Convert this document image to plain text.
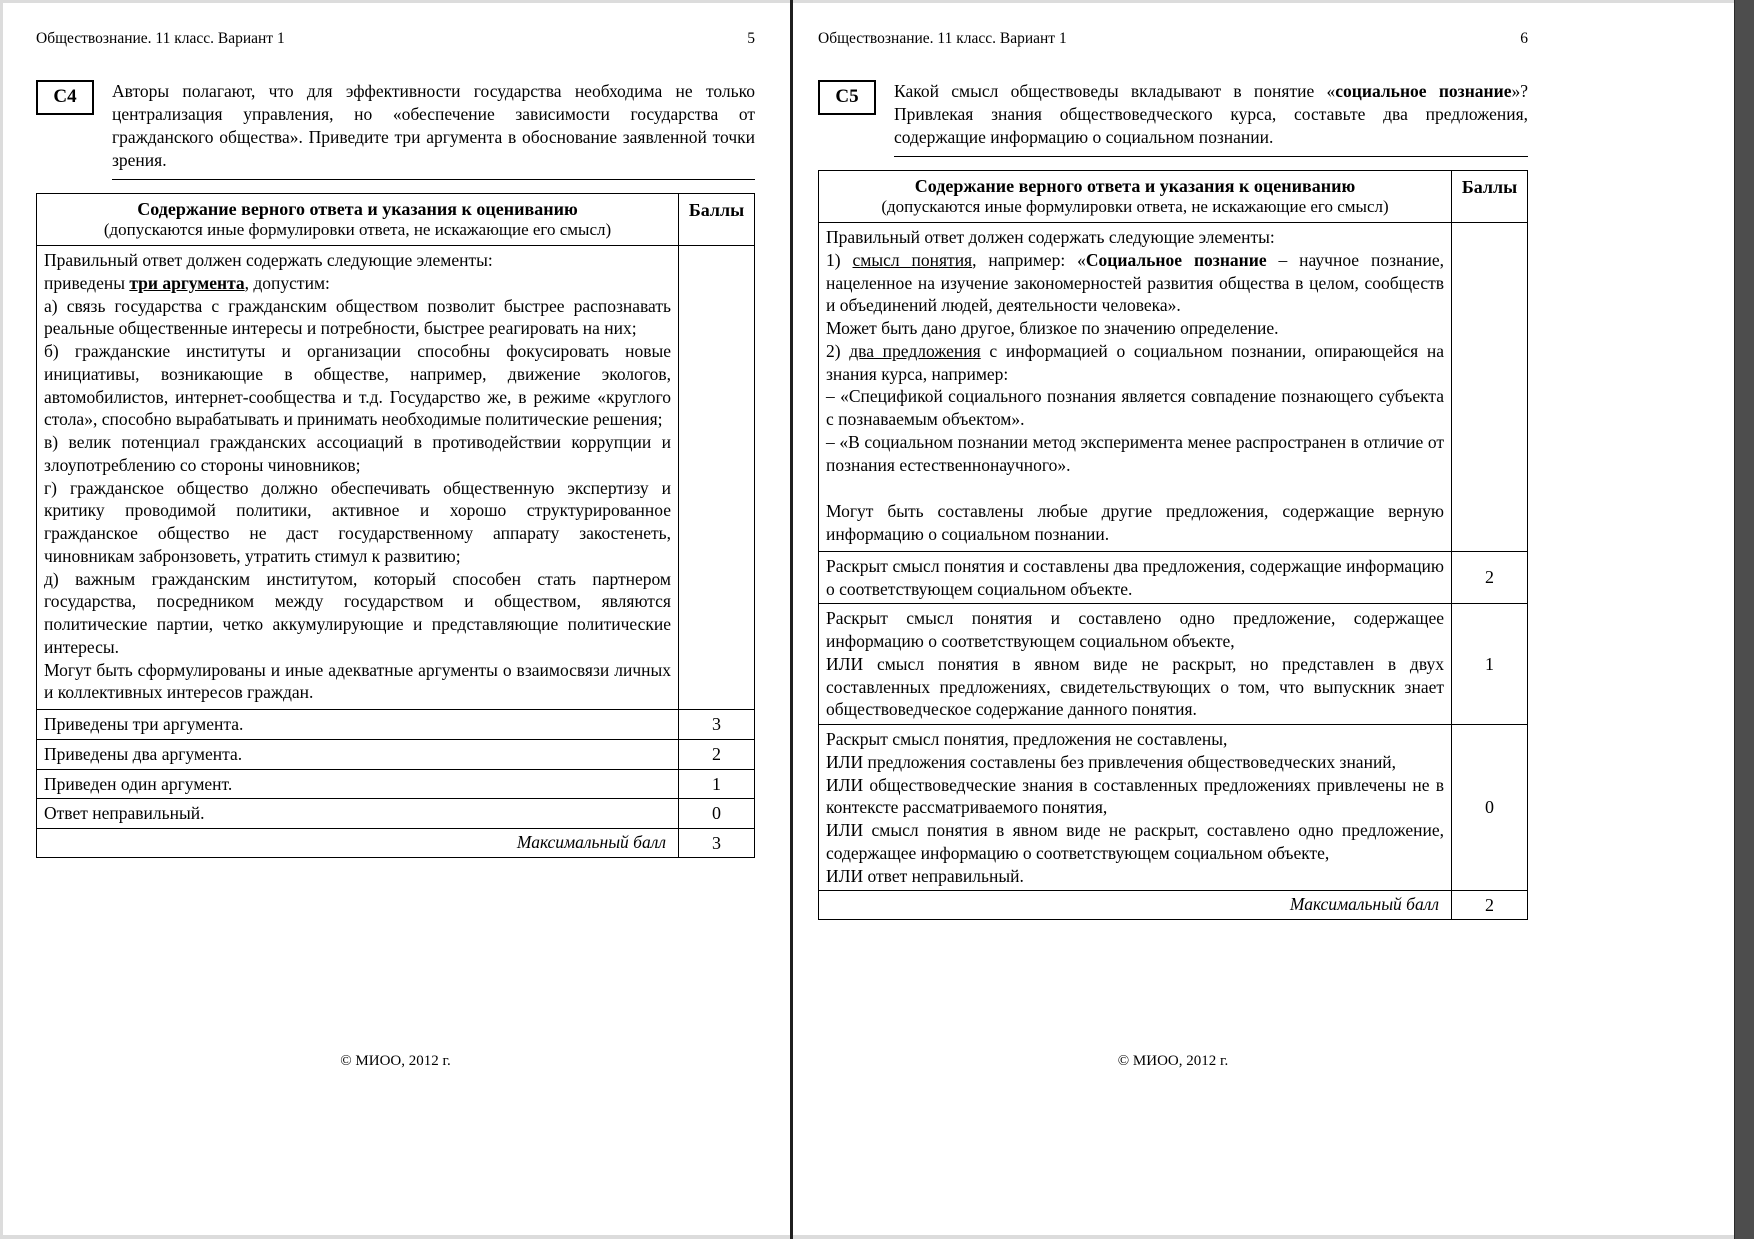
Обществознание. 11 класс. Вариант 1	5
С4 Авторы полагают, что для эффективности государства необходима не только централизация управления, но «обеспечение зависимости государства от гражданского общества». Приведите три аргумента в обоснование заявленной точки зрения.
Содержание верного ответа и указания к оцениванию
(допускаются иные формулировки ответа, не искажающие его смысл)	Баллы

Правильный ответ должен содержать следующие элементы:

приведены три аргумента, допустим:

а) связь государства с гражданским обществом позволит быстрее распознавать реальные общественные интересы и потребности, быстрее реагировать на них;

б) гражданские институты и организации способны фокусировать новые инициативы, возникающие в обществе, например, движение экологов, автомобилистов, интернет-сообщества и т.д. Государство же, в режиме «круглого стола», способно вырабатывать и принимать необходимые политические решения;

в) велик потенциал гражданских ассоциаций в противодействии коррупции и злоупотреблению со стороны чиновников;

г) гражданское общество должно обеспечивать общественную экспертизу и критику проводимой политики, активное и хорошо структурированное гражданское общество не даст государственному аппарату закостенеть, чиновникам забронзоветь, утратить стимул к развитию;

д) важным гражданским институтом, который способен стать партнером государства, посредником между государством и обществом, являются политические партии, четко аккумулирующие и представляющие политические интересы.

Могут быть сформулированы и иные адекватные аргументы о взаимосвязи личных и коллективных интересов граждан.

Приведены три аргумента.	3

Приведены два аргумента.	2

Приведен один аргумент.	1

Ответ неправильный.	0
Максимальный балл	3
© МИОО, 2012 г.
Обществознание. 11 класс. Вариант 1	6
С5 Какой смысл обществоведы вкладывают в понятие «социальное познание»? Привлекая знания обществоведческого курса, составьте два предложения, содержащие информацию о социальном познании.
Содержание верного ответа и указания к оцениванию
(допускаются иные формулировки ответа, не искажающие его смысл)	Баллы

Правильный ответ должен содержать следующие элементы:

1) смысл понятия, например: «Социальное познание – научное познание, нацеленное на изучение закономерностей развития общества в целом, сообществ и объединений людей, деятельности человека».

Может быть дано другое, близкое по значению определение.

2) два предложения с информацией о социальном познании, опирающейся на знания курса, например:

– «Спецификой социального познания является совпадение познающего субъекта с познаваемым объектом».

– «В социальном познании метод эксперимента менее распространен в отличие от познания естественнонаучного».

Могут быть составлены любые другие предложения, содержащие верную информацию о социальном познании.

Раскрыт смысл понятия и составлены два предложения, содержащие информацию о соответствующем социальном объекте.	2

Раскрыт смысл понятия и составлено одно предложение, содержащее информацию о соответствующем социальном объекте,

ИЛИ смысл понятия в явном виде не раскрыт, но представлен в двух составленных предложениях, свидетельствующих о том, что выпускник знает обществоведческое содержание данного понятия.	1

Раскрыт смысл понятия, предложения не составлены,

ИЛИ предложения составлены без привлечения обществоведческих знаний,

ИЛИ обществоведческие знания в составленных предложениях привлечены не в контексте рассматриваемого понятия,

ИЛИ смысл понятия в явном виде не раскрыт, составлено одно предложение, содержащее информацию о соответствующем социальном объекте,

ИЛИ ответ неправильный.	0
Максимальный балл	2
© МИОО, 2012 г.
